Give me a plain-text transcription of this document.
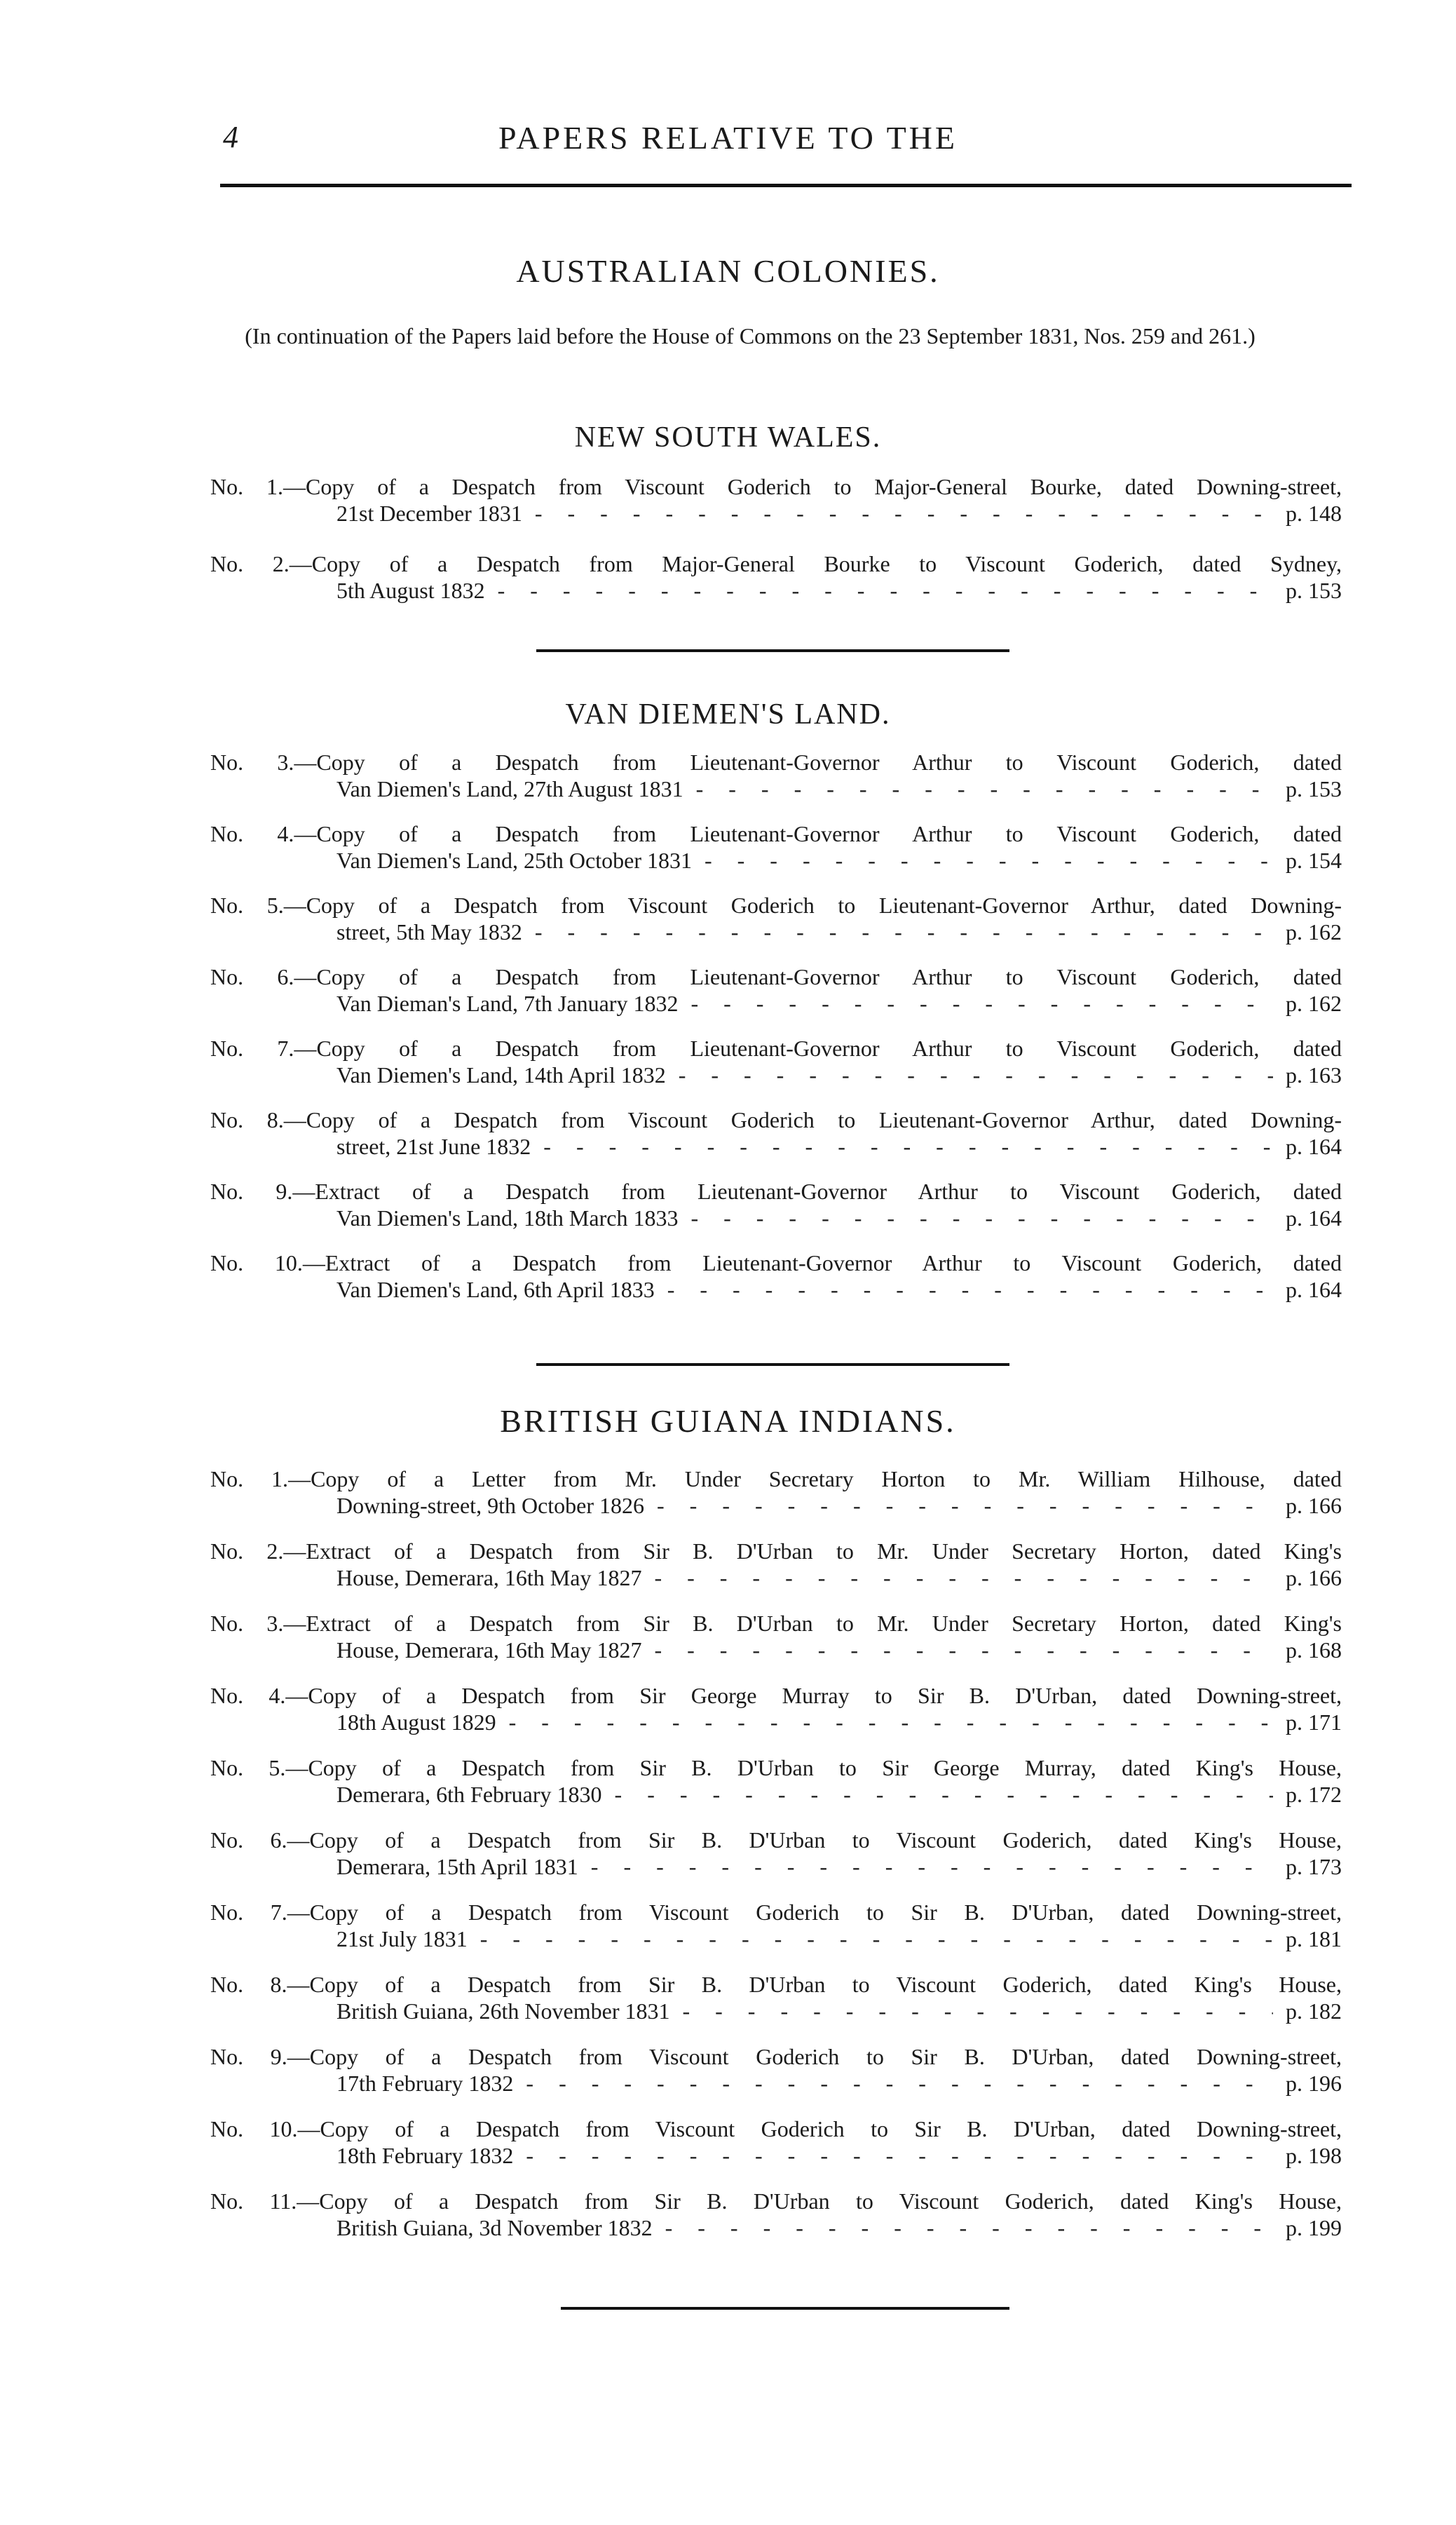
4	PAPERS RELATIVE TO THE
AUSTRALIAN COLONIES.
(In continuation of the Papers laid before the House of Commons on the 23 September 1831, Nos. 259 and 261.)
NEW SOUTH WALES.
No. 1.—Copy of a Despatch from Viscount Goderich to Major-General Bourke, dated Downing-street,
21st December 1831 - - -	p. 148
No. 2.—Copy of a Despatch from Major-General Bourke to Viscount Goderich, dated Sydney,
5th August 1832 - - -	p. 153
VAN DIEMEN'S LAND.
No. 3.—Copy of a Despatch from Lieutenant-Governor Arthur to Viscount Goderich, dated
Van Diemen's Land, 27th August 1831 - - -	p. 153
No. 4.—Copy of a Despatch from Lieutenant-Governor Arthur to Viscount Goderich, dated
Van Diemen's Land, 25th October 1831 - - -	p. 154
No. 5.—Copy of a Despatch from Viscount Goderich to Lieutenant-Governor Arthur, dated Downing-
street, 5th May 1832 - - -	p. 162
No. 6.—Copy of a Despatch from Lieutenant-Governor Arthur to Viscount Goderich, dated
Van Dieman's Land, 7th January 1832 - - -	p. 162
No. 7.—Copy of a Despatch from Lieutenant-Governor Arthur to Viscount Goderich, dated
Van Diemen's Land, 14th April 1832 - - -	p. 163
No. 8.—Copy of a Despatch from Viscount Goderich to Lieutenant-Governor Arthur, dated Downing-
street, 21st June 1832 - - -	p. 164
No. 9.—Extract of a Despatch from Lieutenant-Governor Arthur to Viscount Goderich, dated
Van Diemen's Land, 18th March 1833 - - -	p. 164
No. 10.—Extract of a Despatch from Lieutenant-Governor Arthur to Viscount Goderich, dated
Van Diemen's Land, 6th April 1833 - - -	p. 164
BRITISH GUIANA INDIANS.
No. 1.—Copy of a Letter from Mr. Under Secretary Horton to Mr. William Hilhouse, dated
Downing-street, 9th October 1826 - - -	p. 166
No. 2.—Extract of a Despatch from Sir B. D'Urban to Mr. Under Secretary Horton, dated King's
House, Demerara, 16th May 1827 - - -	p. 166
No. 3.—Extract of a Despatch from Sir B. D'Urban to Mr. Under Secretary Horton, dated King's
House, Demerara, 16th May 1827 - - -	p. 168
No. 4.—Copy of a Despatch from Sir George Murray to Sir B. D'Urban, dated Downing-street,
18th August 1829 - - -	p. 171
No. 5.—Copy of a Despatch from Sir B. D'Urban to Sir George Murray, dated King's House,
Demerara, 6th February 1830 - - -	p. 172
No. 6.—Copy of a Despatch from Sir B. D'Urban to Viscount Goderich, dated King's House,
Demerara, 15th April 1831 - - -	p. 173
No. 7.—Copy of a Despatch from Viscount Goderich to Sir B. D'Urban, dated Downing-street,
21st July 1831 - - -	p. 181
No. 8.—Copy of a Despatch from Sir B. D'Urban to Viscount Goderich, dated King's House,
British Guiana, 26th November 1831 - - -	p. 182
No. 9.—Copy of a Despatch from Viscount Goderich to Sir B. D'Urban, dated Downing-street,
17th February 1832 - - -	p. 196
No. 10.—Copy of a Despatch from Viscount Goderich to Sir B. D'Urban, dated Downing-street,
18th February 1832 - - -	p. 198
No. 11.—Copy of a Despatch from Sir B. D'Urban to Viscount Goderich, dated King's House,
British Guiana, 3d November 1832 - - -	p. 199
